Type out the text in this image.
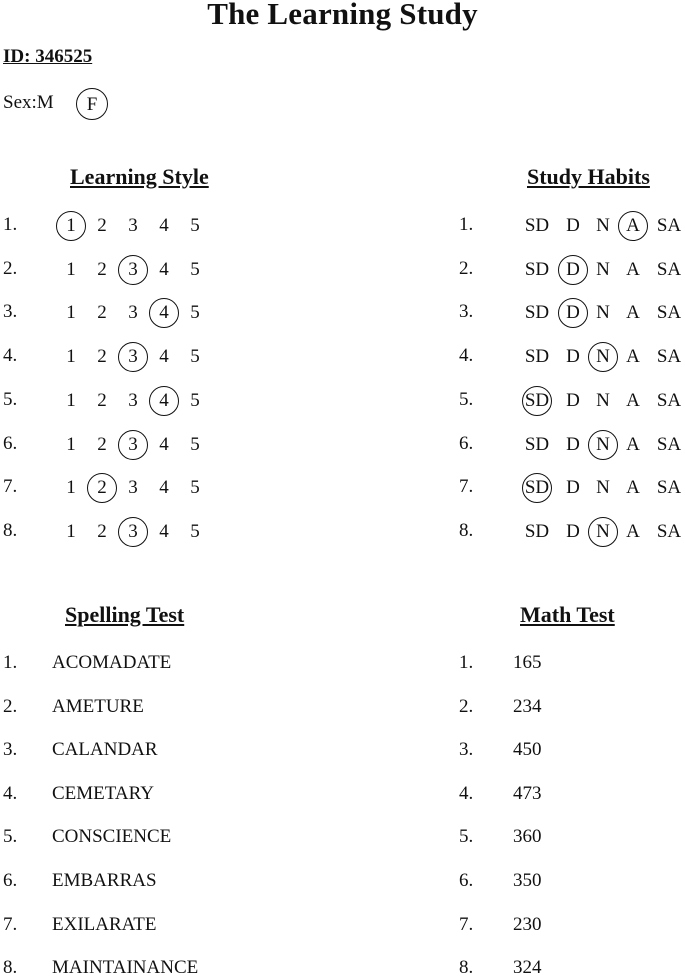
The Learning Study
ID: 346525
Sex:M	F
Learning Style	Study Habits
1.	1	2	3	4	5
2.	1	2	3	4	5
3.	1	2	3	4	5
4.	1	2	3	4	5
5.	1	2	3	4	5
6.	1	2	3	4	5
7.	1	2	3	4	5
8.	1	2	3	4	5
1.	SD D N A SA
2.	SD D N A SA
3.	SD D N A SA
4.	SD D N A SA
5.	SD D N A SA
6.	SD D N A SA
7.	SD D N A SA
8.	SD D N A SA
Spelling Test	Math Test
1. ACOMADATE
2. AMETURE
3. CALANDAR
4. CEMETARY
5. CONSCIENCE
6. EMBARRAS
7. EXILARATE
8. MAINTAINANCE
1. 165
2. 234
3. 450
4. 473
5. 360
6. 350
7. 230
8. 324
